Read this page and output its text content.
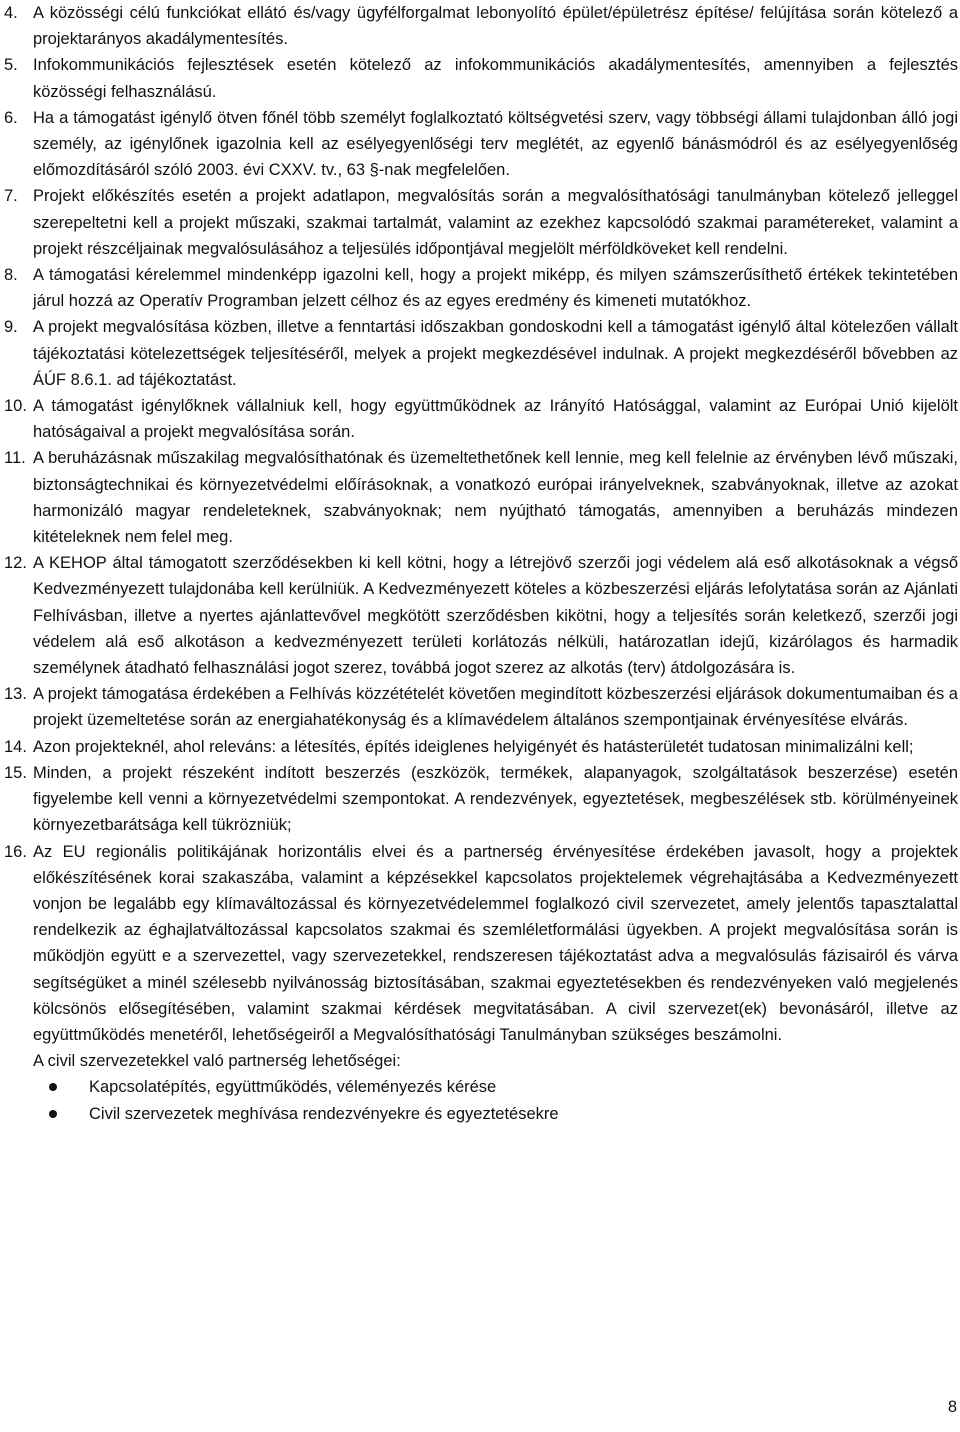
4. A közösségi célú funkciókat ellátó és/vagy ügyfélforgalmat lebonyolító épület/épületrész építése/ felújítása során kötelező a projektarányos akadálymentesítés.

5. Infokommunikációs fejlesztések esetén kötelező az infokommunikációs akadálymentesítés, amennyiben a fejlesztés közösségi felhasználású.

6. Ha a támogatást igénylő ötven főnél több személyt foglalkoztató költségvetési szerv, vagy többségi állami tulajdonban álló jogi személy, az igénylőnek igazolnia kell az esélyegyenlőségi terv meglétét, az egyenlő bánásmódról és az esélyegyenlőség előmozdításáról szóló 2003. évi CXXV. tv., 63 §-nak megfelelően.

7. Projekt előkészítés esetén a projekt adatlapon, megvalósítás során a megvalósíthatósági tanulmányban kötelező jelleggel szerepeltetni kell a projekt műszaki, szakmai tartalmát, valamint az ezekhez kapcsolódó szakmai paramétereket, valamint a projekt részcéljainak megvalósulásához a teljesülés időpontjával megjelölt mérföldköveket kell rendelni.

8. A támogatási kérelemmel mindenképp igazolni kell, hogy a projekt miképp, és milyen számszerűsíthető értékek tekintetében járul hozzá az Operatív Programban jelzett célhoz és az egyes eredmény és kimeneti mutatókhoz.

9. A projekt megvalósítása közben, illetve a fenntartási időszakban gondoskodni kell a támogatást igénylő által kötelezően vállalt tájékoztatási kötelezettségek teljesítéséről, melyek a projekt megkezdésével indulnak. A projekt megkezdéséről bővebben az ÁÚF 8.6.1. ad tájékoztatást.

10. A támogatást igénylőknek vállalniuk kell, hogy együttműködnek az Irányító Hatósággal, valamint az Európai Unió kijelölt hatóságaival a projekt megvalósítása során.

11. A beruházásnak műszakilag megvalósíthatónak és üzemeltethetőnek kell lennie, meg kell felelnie az érvényben lévő műszaki, biztonságtechnikai és környezetvédelmi előírásoknak, a vonatkozó európai irányelveknek, szabványoknak, illetve az azokat harmonizáló magyar rendeleteknek, szabványoknak; nem nyújtható támogatás, amennyiben a beruházás mindezen kitételeknek nem felel meg.

12. A KEHOP által támogatott szerződésekben ki kell kötni, hogy a létrejövő szerzői jogi védelem alá eső alkotásoknak a végső Kedvezményezett tulajdonába kell kerülniük. A Kedvezményezett köteles a közbeszerzési eljárás lefolytatása során az Ajánlati Felhívásban, illetve a nyertes ajánlattevővel megkötött szerződésben kikötni, hogy a teljesítés során keletkező, szerzői jogi védelem alá eső alkotáson a kedvezményezett területi korlátozás nélküli, határozatlan idejű, kizárólagos és harmadik személynek átadható felhasználási jogot szerez, továbbá jogot szerez az alkotás (terv) átdolgozására is.

13. A projekt támogatása érdekében a Felhívás közzétételét követően megindított közbeszerzési eljárások dokumentumaiban és a projekt üzemeltetése során az energiahatékonyság és a klímavédelem általános szempontjainak érvényesítése elvárás.

14. Azon projekteknél, ahol releváns: a létesítés, építés ideiglenes helyigényét és hatásterületét tudatosan minimalizálni kell;

15. Minden, a projekt részeként indított beszerzés (eszközök, termékek, alapanyagok, szolgáltatások beszerzése) esetén figyelembe kell venni a környezetvédelmi szempontokat. A rendezvények, egyeztetések, megbeszélések stb. körülményeinek környezetbarátsága kell tükrözniük;

16. Az EU regionális politikájának horizontális elvei és a partnerség érvényesítése érdekében javasolt, hogy a projektek előkészítésének korai szakaszába, valamint a képzésekkel kapcsolatos projektelemek végrehajtásába a Kedvezményezett vonjon be legalább egy klímaváltozással és környezetvédelemmel foglalkozó civil szervezetet, amely jelentős tapasztalattal rendelkezik az éghajlatváltozással kapcsolatos szakmai és szemléletformálási ügyekben. A projekt megvalósítása során is működjön együtt e a szervezettel, vagy szervezetekkel, rendszeresen tájékoztatást adva a megvalósulás fázisairól és várva segítségüket a minél szélesebb nyilvánosság biztosításában, szakmai egyeztetésekben és rendezvényeken való megjelenés kölcsönös elősegítésében, valamint szakmai kérdések megvitatásában. A civil szervezet(ek) bevonásáról, illetve az együttműködés menetéről, lehetőségeiről a Megvalósíthatósági Tanulmányban szükséges beszámolni.

A civil szervezetekkel való partnerség lehetőségei:

Kapcsolatépítés, együttműködés, véleményezés kérése
Civil szervezetek meghívása rendezvényekre és egyeztetésekre
8
